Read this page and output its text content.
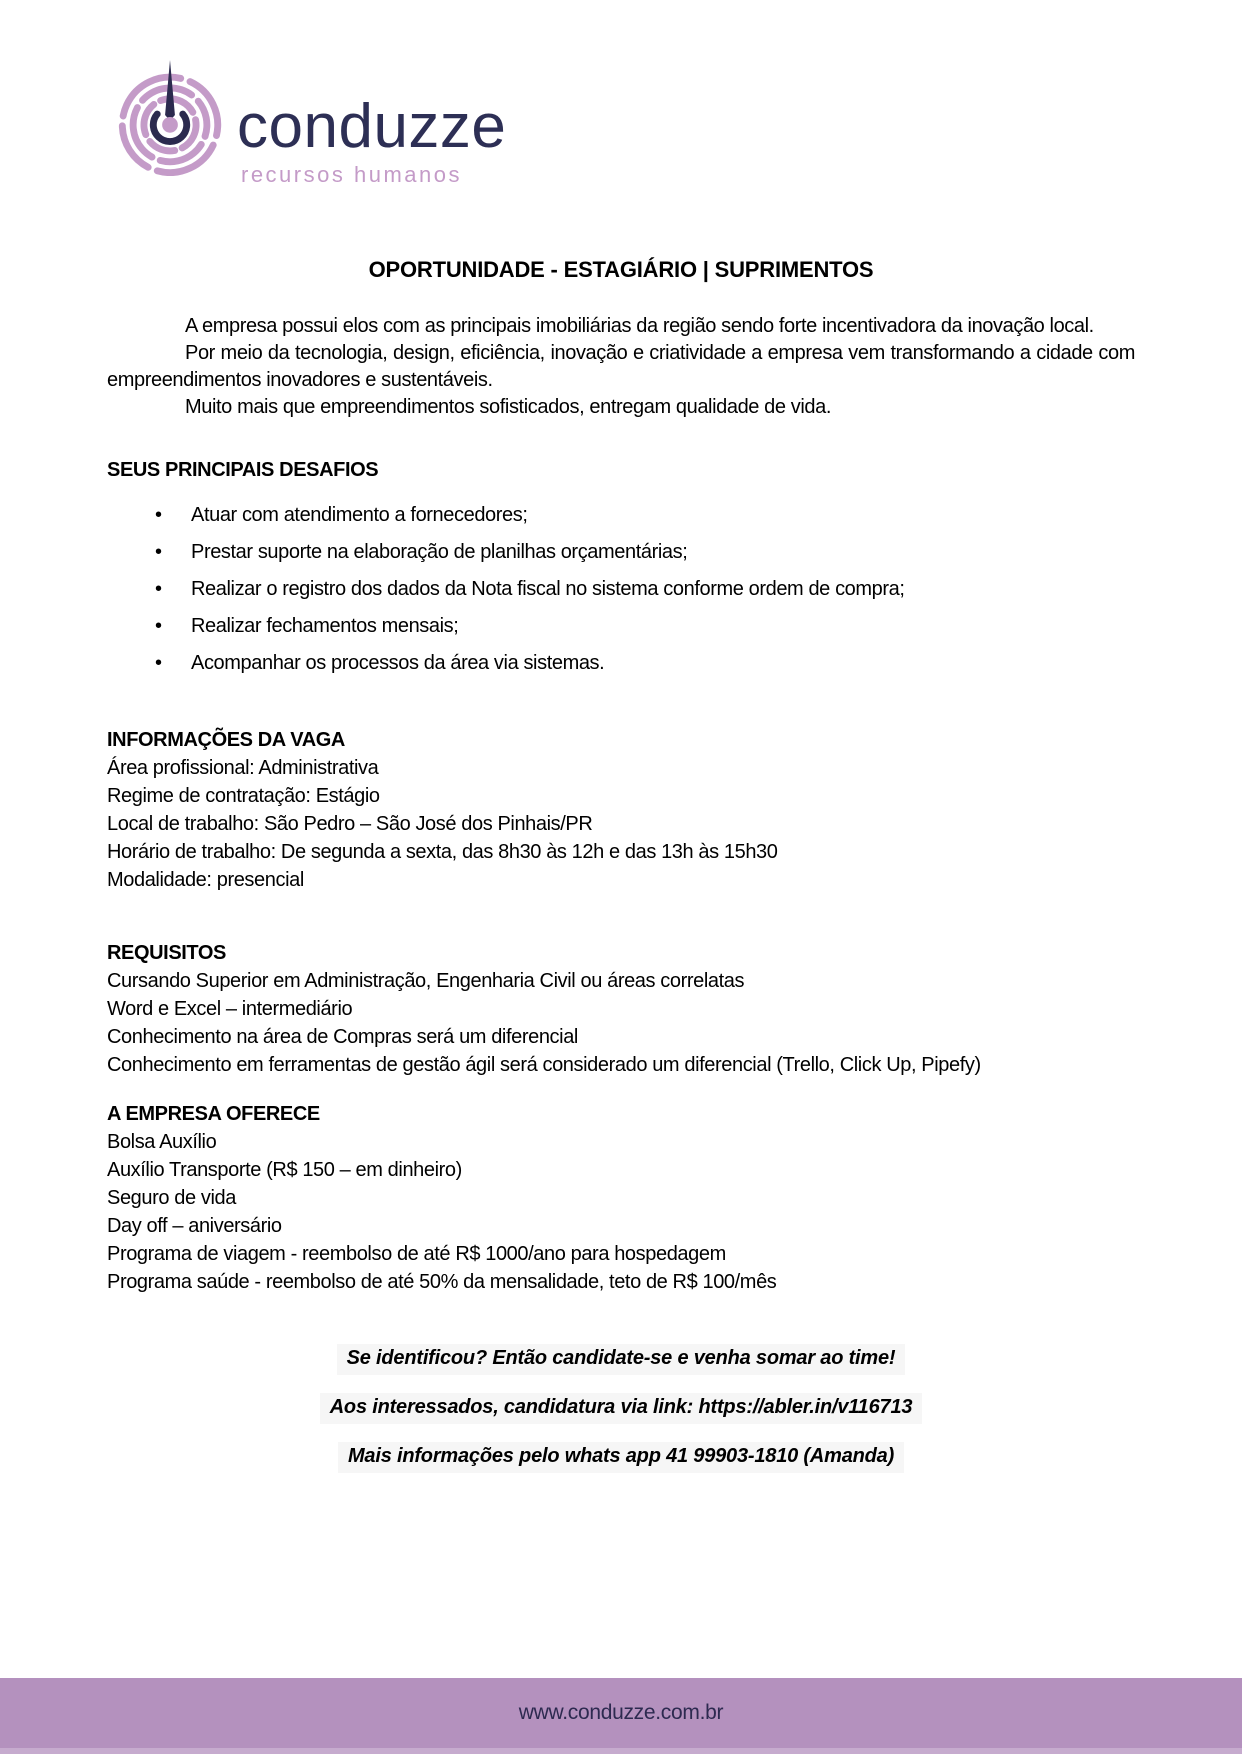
conduzze
recursos humanos
OPORTUNIDADE - ESTAGIÁRIO | SUPRIMENTOS

A empresa possui elos com as principais imobiliárias da região sendo forte incentivadora da inovação local.

Por meio da tecnologia, design, eficiência, inovação e criatividade a empresa vem transformando a cidade com empreendimentos inovadores e sustentáveis.

Muito mais que empreendimentos sofisticados, entregam qualidade de vida.

SEUS PRINCIPAIS DESAFIOS
• Atuar com atendimento a fornecedores;
• Prestar suporte na elaboração de planilhas orçamentárias;
• Realizar o registro dos dados da Nota fiscal no sistema conforme ordem de compra;
• Realizar fechamentos mensais;
• Acompanhar os processos da área via sistemas.
INFORMAÇÕES DA VAGA
Área profissional: Administrativa
Regime de contratação: Estágio
Local de trabalho: São Pedro – São José dos Pinhais/PR
Horário de trabalho: De segunda a sexta, das 8h30 às 12h e das 13h às 15h30
Modalidade: presencial
REQUISITOS
Cursando Superior em Administração, Engenharia Civil ou áreas correlatas
Word e Excel – intermediário
Conhecimento na área de Compras será um diferencial
Conhecimento em ferramentas de gestão ágil será considerado um diferencial (Trello, Click Up, Pipefy)
A EMPRESA OFERECE
Bolsa Auxílio
Auxílio Transporte (R$ 150 – em dinheiro)
Seguro de vida
Day off – aniversário
Programa de viagem - reembolso de até R$ 1000/ano para hospedagem
Programa saúde - reembolso de até 50% da mensalidade, teto de R$ 100/mês

Se identificou? Então candidate-se e venha somar ao time!

Aos interessados, candidatura via link: https://abler.in/v116713

Mais informações pelo whats app 41 99903-1810 (Amanda)

www.conduzze.com.br
